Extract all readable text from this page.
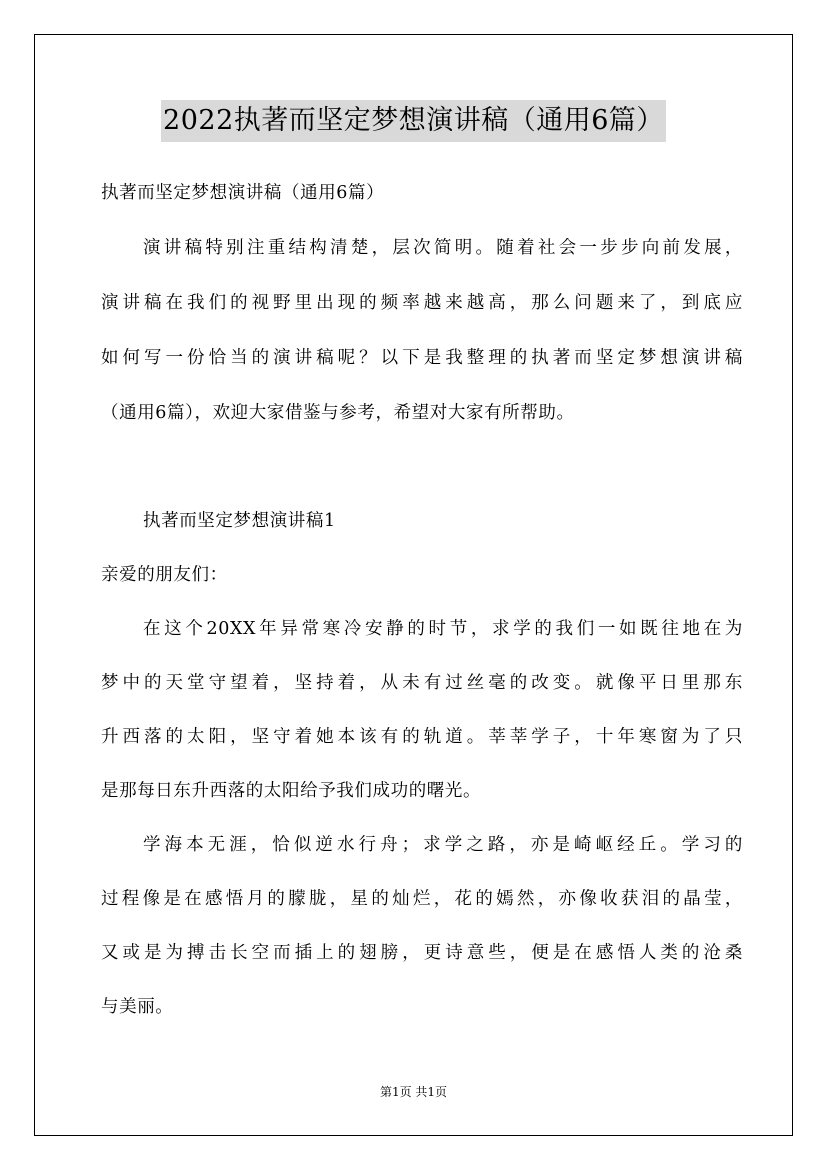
2022执著而坚定梦想演讲稿（通用6篇）
执著而坚定梦想演讲稿（通用6篇）
演讲稿特别注重结构清楚，层次简明。随着社会一步步向前发展，
演讲稿在我们的视野里出现的频率越来越高，那么问题来了，到底应
如何写一份恰当的演讲稿呢？以下是我整理的执著而坚定梦想演讲稿
（通用6篇），欢迎大家借鉴与参考，希望对大家有所帮助。
执著而坚定梦想演讲稿1
亲爱的朋友们：
在这个20XX年异常寒冷安静的时节，求学的我们一如既往地在为
梦中的天堂守望着，坚持着，从未有过丝毫的改变。就像平日里那东
升西落的太阳，坚守着她本该有的轨道。莘莘学子，十年寒窗为了只
是那每日东升西落的太阳给予我们成功的曙光。
学海本无涯，恰似逆水行舟；求学之路，亦是崎岖经丘。学习的
过程像是在感悟月的朦胧，星的灿烂，花的嫣然，亦像收获泪的晶莹，
又或是为搏击长空而插上的翅膀，更诗意些，便是在感悟人类的沧桑
与美丽。
第1页 共1页
